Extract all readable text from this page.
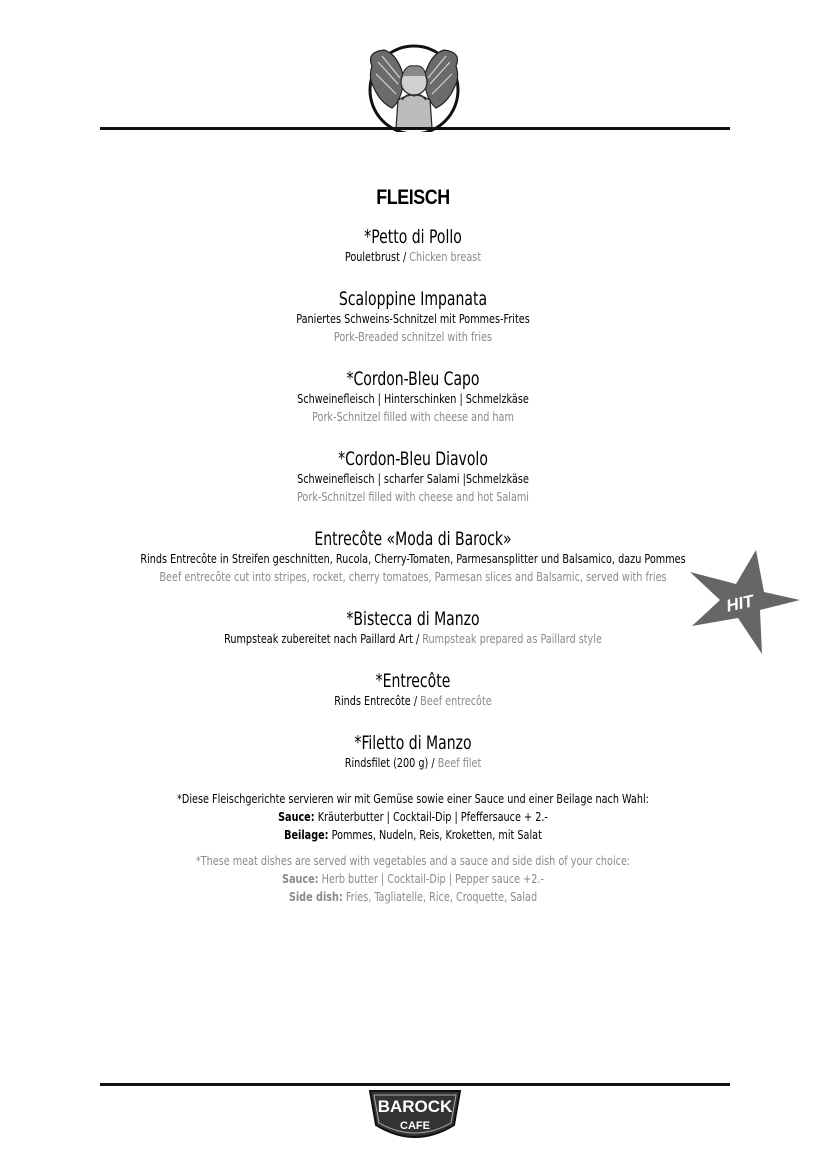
FLEISCH
*Petto di Pollo
Pouletbrust / Chicken breast
Scaloppine Impanata
Paniertes Schweins-Schnitzel mit Pommes-Frites
Pork-Breaded schnitzel with fries
*Cordon-Bleu Capo
Schweinefleisch | Hinterschinken | Schmelzkäse
Pork-Schnitzel filled with cheese and ham
*Cordon-Bleu Diavolo
Schweinefleisch | scharfer Salami |Schmelzkäse
Pork-Schnitzel filled with cheese and hot Salami
Entrecôte «Moda di Barock»
Rinds Entrecôte in Streifen geschnitten, Rucola, Cherry-Tomaten, Parmesansplitter und Balsamico, dazu Pommes
Beef entrecôte cut into stripes, rocket, cherry tomatoes, Parmesan slices and Balsamic, served with fries
*Bistecca di Manzo
Rumpsteak zubereitet nach Paillard Art / Rumpsteak prepared as Paillard style
*Entrecôte
Rinds Entrecôte / Beef entrecôte
*Filetto di Manzo
Rindsfilet (200 g) / Beef filet
*Diese Fleischgerichte servieren wir mit Gemüse sowie einer Sauce und einer Beilage nach Wahl:
Sauce: Kräuterbutter | Cocktail-Dip | Pfeffersauce + 2.-
Beilage: Pommes, Nudeln, Reis, Kroketten, mit Salat
*These meat dishes are served with vegetables and a sauce and side dish of your choice:
Sauce: Herb butter | Cocktail-Dip | Pepper sauce +2.-
Side dish: Fries, Tagliatelle, Rice, Croquette, Salad
HIT
BAROCK
CAFE
